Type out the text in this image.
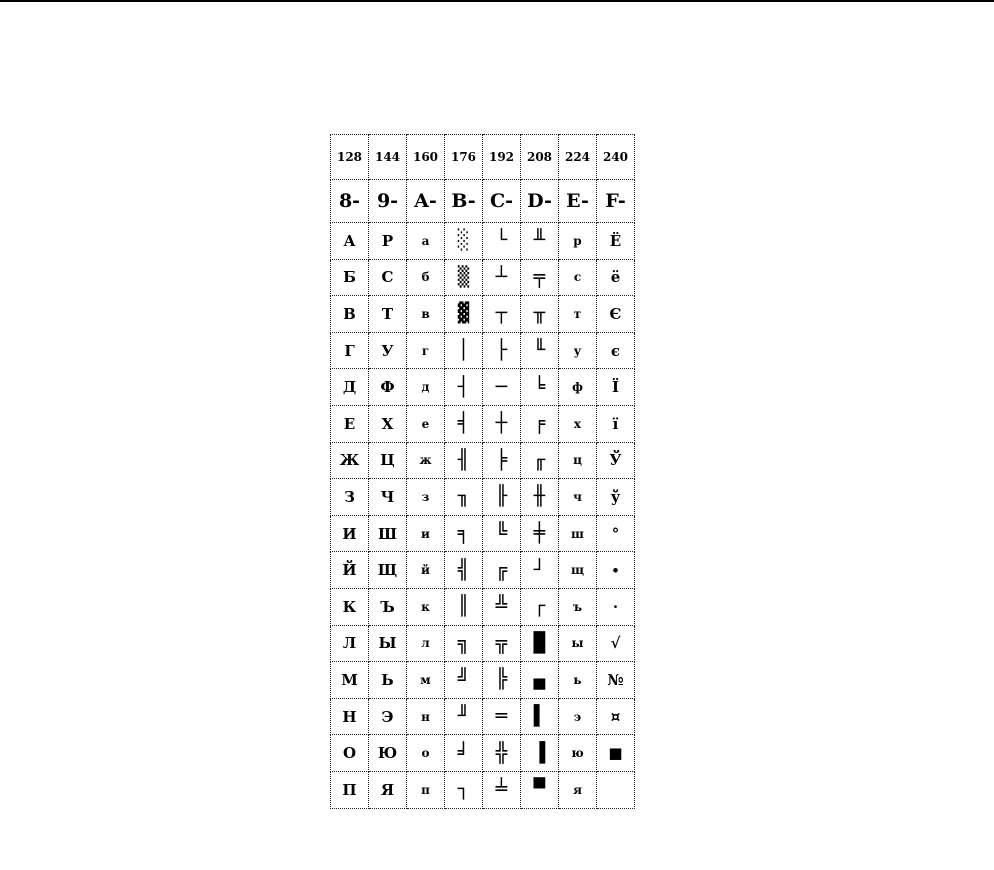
128	144	160	176	192	208	224	240
8-	9-	A-	B-	C-	D-	E-	F-
А	Р	а	░	└	╨	р	Ё
Б	С	б	▒	┴	╤	с	ё
В	Т	в	▓	┬	╥	т	Є
Г	У	г	│	├	╙	у	є
Д	Ф	д	┤	─	╘	ф	Ї
Е	Х	е	╡	┼	╒	х	ї
Ж	Ц	ж	╢	╞	╓	ц	Ў
З	Ч	з	╖	╟	╫	ч	ў
И	Ш	и	╕	╚	╪	ш	°
Й	Щ	й	╣	╔	┘	щ	∙
К	Ъ	к	║	╩	┌	ъ	·
Л	Ы	л	╗	╦	█	ы	√
М	Ь	м	╝	╠	▄	ь	№
Н	Э	н	╜	═	▌	э	¤
О	Ю	о	╛	╬	▐	ю	■
П	Я	п	┐	╧	▀	я	
